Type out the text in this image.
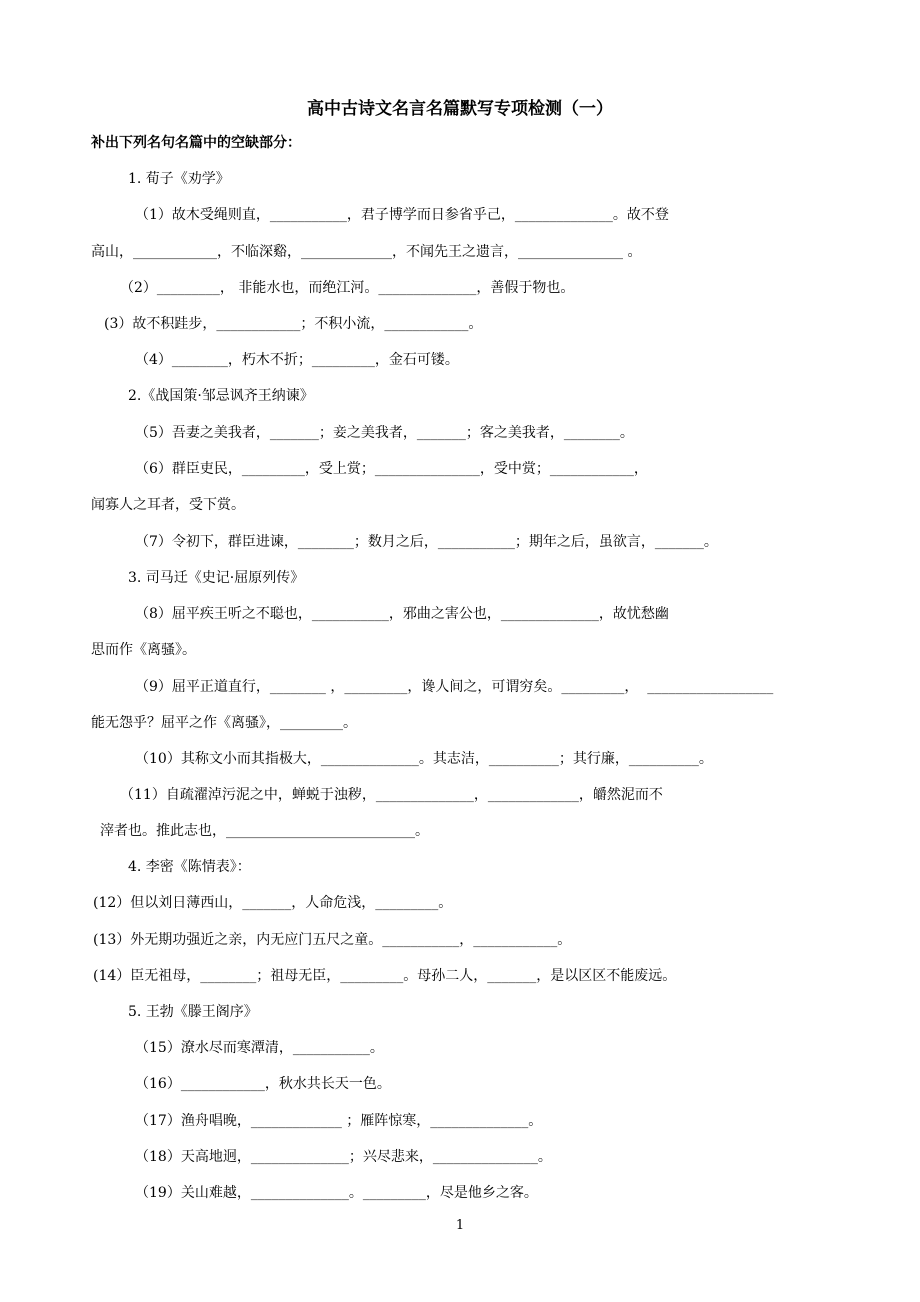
高中古诗文名言名篇默写专项检测（一）
补出下列名句名篇中的空缺部分：
1. 荀子《劝学》
（1）故木受绳则直，___________，君子博学而日参省乎己，______________。故不登
高山，____________，不临深谿，_____________，不闻先王之遗言，_______________ 。
（2）_________， 非能水也，而绝江河。______________，善假于物也。
(3）故不积跬步，____________；不积小流，____________。
（4）________，朽木不折；_________，金石可镂。
2.《战国策·邹忌讽齐王纳谏》
（5）吾妻之美我者，_______；妾之美我者，_______；客之美我者，________。
（6）群臣吏民，_________，受上赏；_______________，受中赏；____________，
闻寡人之耳者，受下赏。
（7）令初下，群臣进谏，________；数月之后，___________；期年之后，虽欲言，_______。
3. 司马迁《史记·屈原列传》
（8）屈平疾王听之不聪也，___________，邪曲之害公也，______________，故忧愁幽
思而作《离骚》。
（9）屈平正道直行，________ ，_________，谗人间之，可谓穷矣。_________，  __________________
能无怨乎？屈平之作《离骚》，_________。
（10）其称文小而其指极大，______________。其志洁，__________；其行廉，__________。
（11）自疏濯淖污泥之中，蝉蜕于浊秽，______________，_____________，皭然泥而不
滓者也。推此志也，___________________________。
4. 李密《陈情表》：
(12）但以刘日薄西山，_______，人命危浅，_________。
(13）外无期功强近之亲，内无应门五尺之童。___________，____________。
(14）臣无祖母，________；祖母无臣，_________。母孙二人，_______，是以区区不能废远。
5. 王勃《滕王阁序》
（15）潦水尽而寒潭清，___________。
（16）____________，秋水共长天一色。
（17）渔舟唱晚，_____________ ；雁阵惊寒，______________。
（18）天高地迥，______________；兴尽悲来，_______________。
（19）关山难越，______________。_________，尽是他乡之客。
1
